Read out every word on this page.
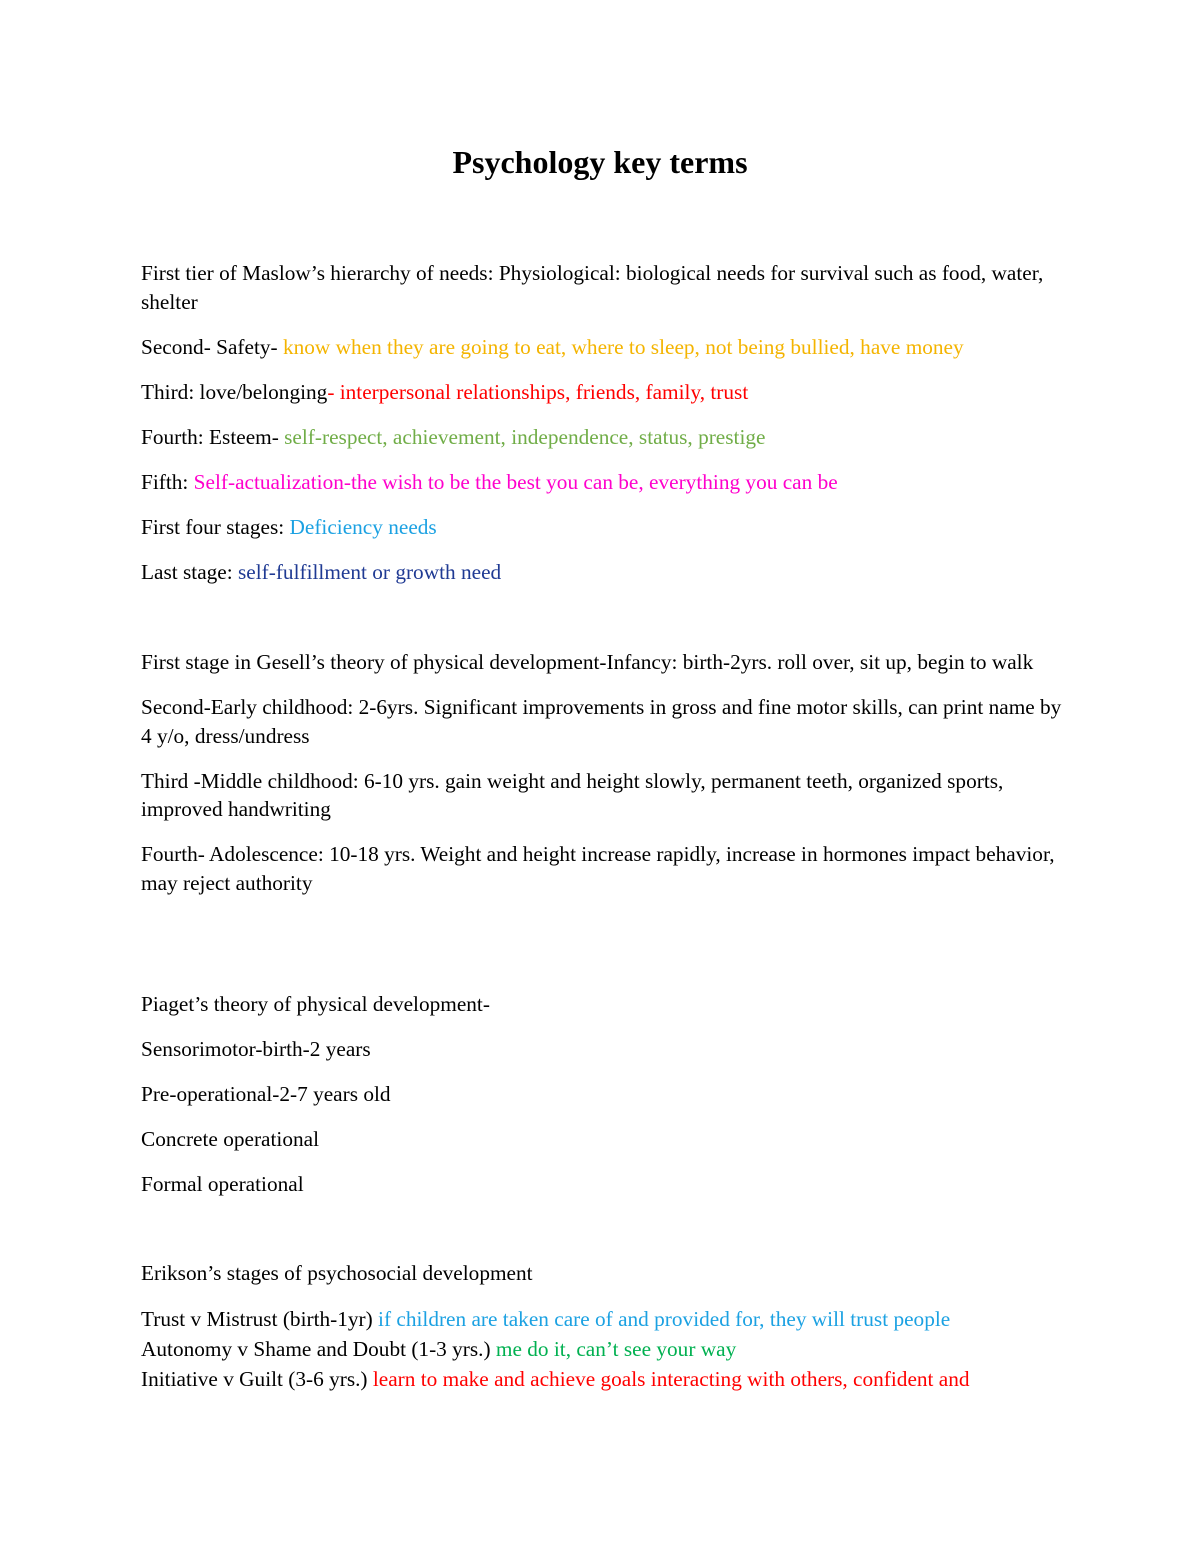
Psychology key terms

First tier of Maslow’s hierarchy of needs: Physiological: biological needs for survival such as food, water, shelter

Second- Safety- know when they are going to eat, where to sleep, not being bullied, have money

Third: love/belonging- interpersonal relationships, friends, family, trust

Fourth: Esteem- self-respect, achievement, independence, status, prestige

Fifth: Self-actualization-the wish to be the best you can be, everything you can be

First four stages: Deficiency needs

Last stage: self-fulfillment or growth need

First stage in Gesell’s theory of physical development-Infancy: birth-2yrs. roll over, sit up, begin to walk

Second-Early childhood: 2-6yrs. Significant improvements in gross and fine motor skills, can print name by 4 y/o, dress/undress

Third -Middle childhood: 6-10 yrs. gain weight and height slowly, permanent teeth, organized sports, improved handwriting

Fourth- Adolescence: 10-18 yrs. Weight and height increase rapidly, increase in hormones impact behavior, may reject authority

Piaget’s theory of physical development-

Sensorimotor-birth-2 years

Pre-operational-2-7 years old

Concrete operational

Formal operational

Erikson’s stages of psychosocial development

Trust v Mistrust (birth-1yr) if children are taken care of and provided for, they will trust people

Autonomy v Shame and Doubt (1-3 yrs.) me do it, can’t see your way

Initiative v Guilt (3-6 yrs.) learn to make and achieve goals interacting with others, confident and
